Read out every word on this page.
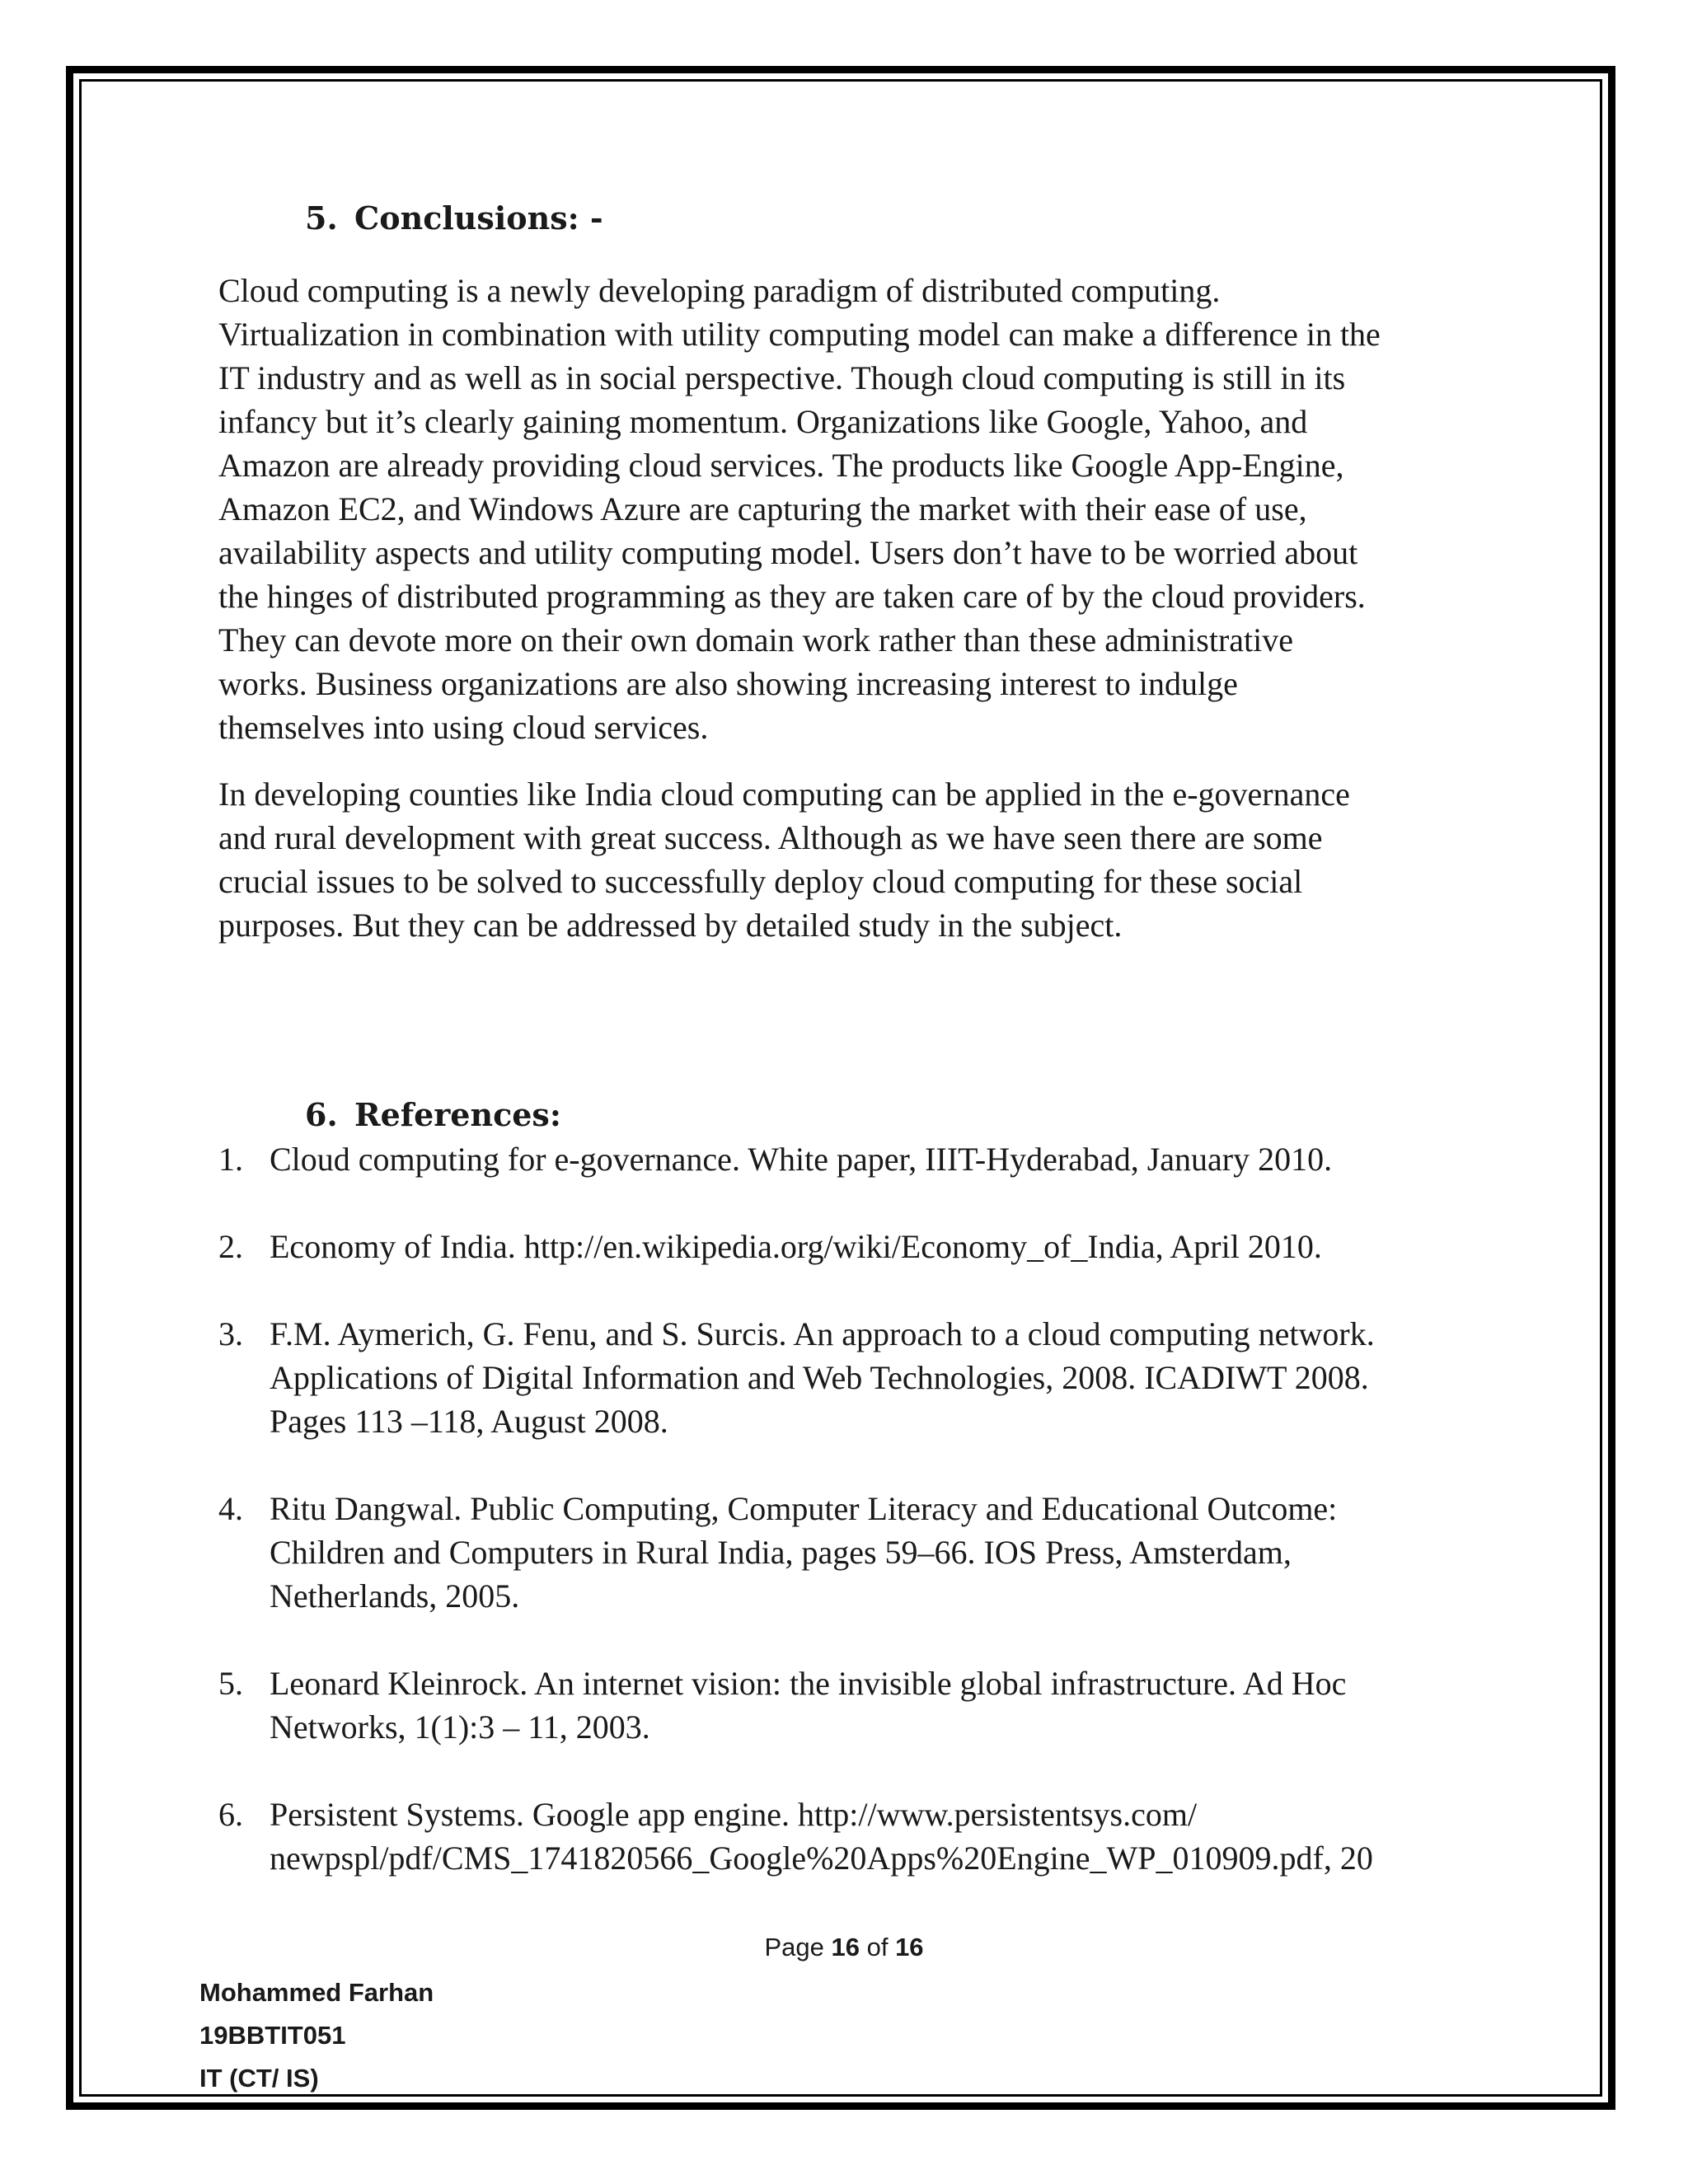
5. Conclusions: -

Cloud computing is a newly developing paradigm of distributed computing.
Virtualization in combination with utility computing model can make a difference in the
IT industry and as well as in social perspective. Though cloud computing is still in its
infancy but it’s clearly gaining momentum. Organizations like Google, Yahoo, and
Amazon are already providing cloud services. The products like Google App-Engine,
Amazon EC2, and Windows Azure are capturing the market with their ease of use,
availability aspects and utility computing model. Users don’t have to be worried about
the hinges of distributed programming as they are taken care of by the cloud providers.
They can devote more on their own domain work rather than these administrative
works. Business organizations are also showing increasing interest to indulge
themselves into using cloud services.

In developing counties like India cloud computing can be applied in the e-governance
and rural development with great success. Although as we have seen there are some
crucial issues to be solved to successfully deploy cloud computing for these social
purposes. But they can be addressed by detailed study in the subject.

6. References:
1. Cloud computing for e-governance. White paper, IIIT-Hyderabad, January 2010.
2. Economy of India. http://en.wikipedia.org/wiki/Economy_of_India, April 2010.
3. F.M. Aymerich, G. Fenu, and S. Surcis. An approach to a cloud computing network.
Applications of Digital Information and Web Technologies, 2008. ICADIWT 2008.
Pages 113 –118, August 2008.
4. Ritu Dangwal. Public Computing, Computer Literacy and Educational Outcome:
Children and Computers in Rural India, pages 59–66. IOS Press, Amsterdam,
Netherlands, 2005.
5. Leonard Kleinrock. An internet vision: the invisible global infrastructure. Ad Hoc
Networks, 1(1):3 – 11, 2003.
6. Persistent Systems. Google app engine. http://www.persistentsys.com/
newpspl/pdf/CMS_1741820566_Google%20Apps%20Engine_WP_010909.pdf, 20
Page 16 of 16
Mohammed Farhan
19BBTIT051
IT (CT/ IS)
